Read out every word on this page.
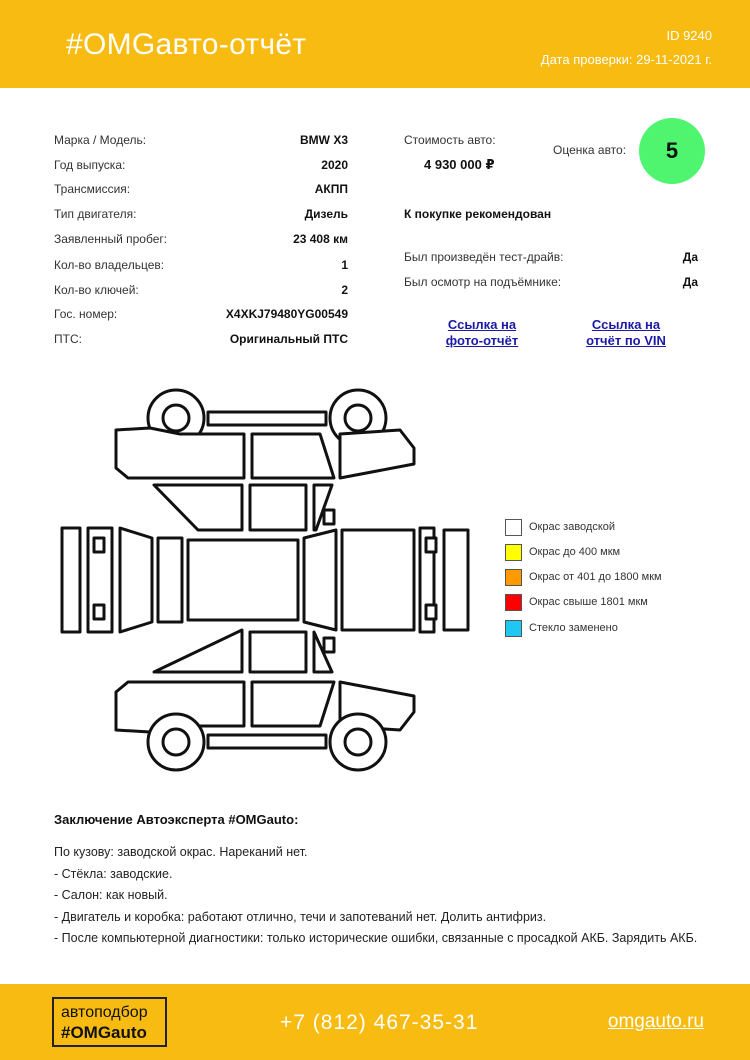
#OMGавто-отчёт	ID 9240
Дата проверки: 29-11-2021 г.
Марка / Модель:	BMW X3
Год выпуска:	2020
Трансмиссия:	АКПП
Тип двигателя:	Дизель
Заявленный пробег:	23 408 км
Кол-во владельцев:	1
Кол-во ключей:	2
Гос. номер:	X4XKJ79480YG00549
ПТС:	Оригинальный ПТС
Стоимость авто:
4 930 000 ₽
Оценка авто:	5
К покупке рекомендован
Был произведён тест-драйв:	Да
Был осмотр на подъёмнике:	Да
Ссылка на
фото-отчёт
Ссылка на
отчёт по VIN
Окрас заводской
Окрас до 400 мкм
Окрас от 401 до 1800 мкм
Окрас свыше 1801 мкм
Стекло заменено
Заключение Автоэксперта #OMGauto:

По кузову: заводской окрас. Нареканий нет.

- Стёкла: заводские.

- Салон: как новый.

- Двигатель и коробка: работают отлично, течи и запотеваний нет. Долить антифриз.

- После компьютерной диагностики: только исторические ошибки, связанные с просадкой АКБ. Зарядить АКБ.

автоподбор
#OMGauto	+7 (812) 467-35-31	omgauto.ru
